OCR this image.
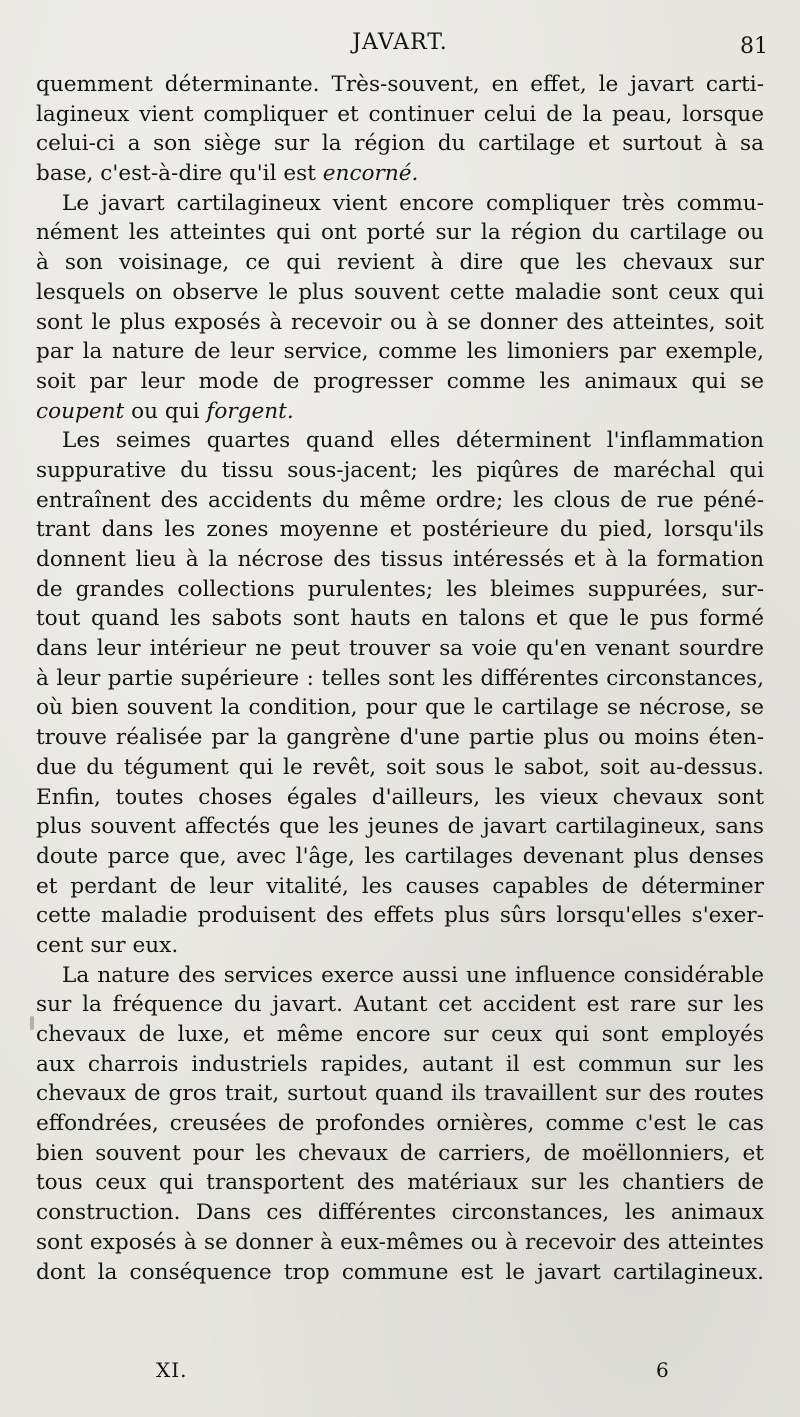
JAVART.	81
quemment déterminante. Très-souvent, en effet, le javart carti-
lagineux vient compliquer et continuer celui de la peau, lorsque
celui-ci a son siège sur la région du cartilage et surtout à sa
base, c'est-à-dire qu'il est encorné.
Le javart cartilagineux vient encore compliquer très commu-
nément les atteintes qui ont porté sur la région du cartilage ou
à son voisinage, ce qui revient à dire que les chevaux sur
lesquels on observe le plus souvent cette maladie sont ceux qui
sont le plus exposés à recevoir ou à se donner des atteintes, soit
par la nature de leur service, comme les limoniers par exemple,
soit par leur mode de progresser comme les animaux qui se
coupent ou qui forgent.
Les seimes quartes quand elles déterminent l'inflammation
suppurative du tissu sous-jacent; les piqûres de maréchal qui
entraînent des accidents du même ordre; les clous de rue péné-
trant dans les zones moyenne et postérieure du pied, lorsqu'ils
donnent lieu à la nécrose des tissus intéressés et à la formation
de grandes collections purulentes; les bleimes suppurées, sur-
tout quand les sabots sont hauts en talons et que le pus formé
dans leur intérieur ne peut trouver sa voie qu'en venant sourdre
à leur partie supérieure : telles sont les différentes circonstances,
où bien souvent la condition, pour que le cartilage se nécrose, se
trouve réalisée par la gangrène d'une partie plus ou moins éten-
due du tégument qui le revêt, soit sous le sabot, soit au-dessus.
Enfin, toutes choses égales d'ailleurs, les vieux chevaux sont
plus souvent affectés que les jeunes de javart cartilagineux, sans
doute parce que, avec l'âge, les cartilages devenant plus denses
et perdant de leur vitalité, les causes capables de déterminer
cette maladie produisent des effets plus sûrs lorsqu'elles s'exer-
cent sur eux.
La nature des services exerce aussi une influence considérable
sur la fréquence du javart. Autant cet accident est rare sur les
chevaux de luxe, et même encore sur ceux qui sont employés
aux charrois industriels rapides, autant il est commun sur les
chevaux de gros trait, surtout quand ils travaillent sur des routes
effondrées, creusées de profondes ornières, comme c'est le cas
bien souvent pour les chevaux de carriers, de moëllonniers, et
tous ceux qui transportent des matériaux sur les chantiers de
construction. Dans ces différentes circonstances, les animaux
sont exposés à se donner à eux-mêmes ou à recevoir des atteintes
dont la conséquence trop commune est le javart cartilagineux.
XI.	6
